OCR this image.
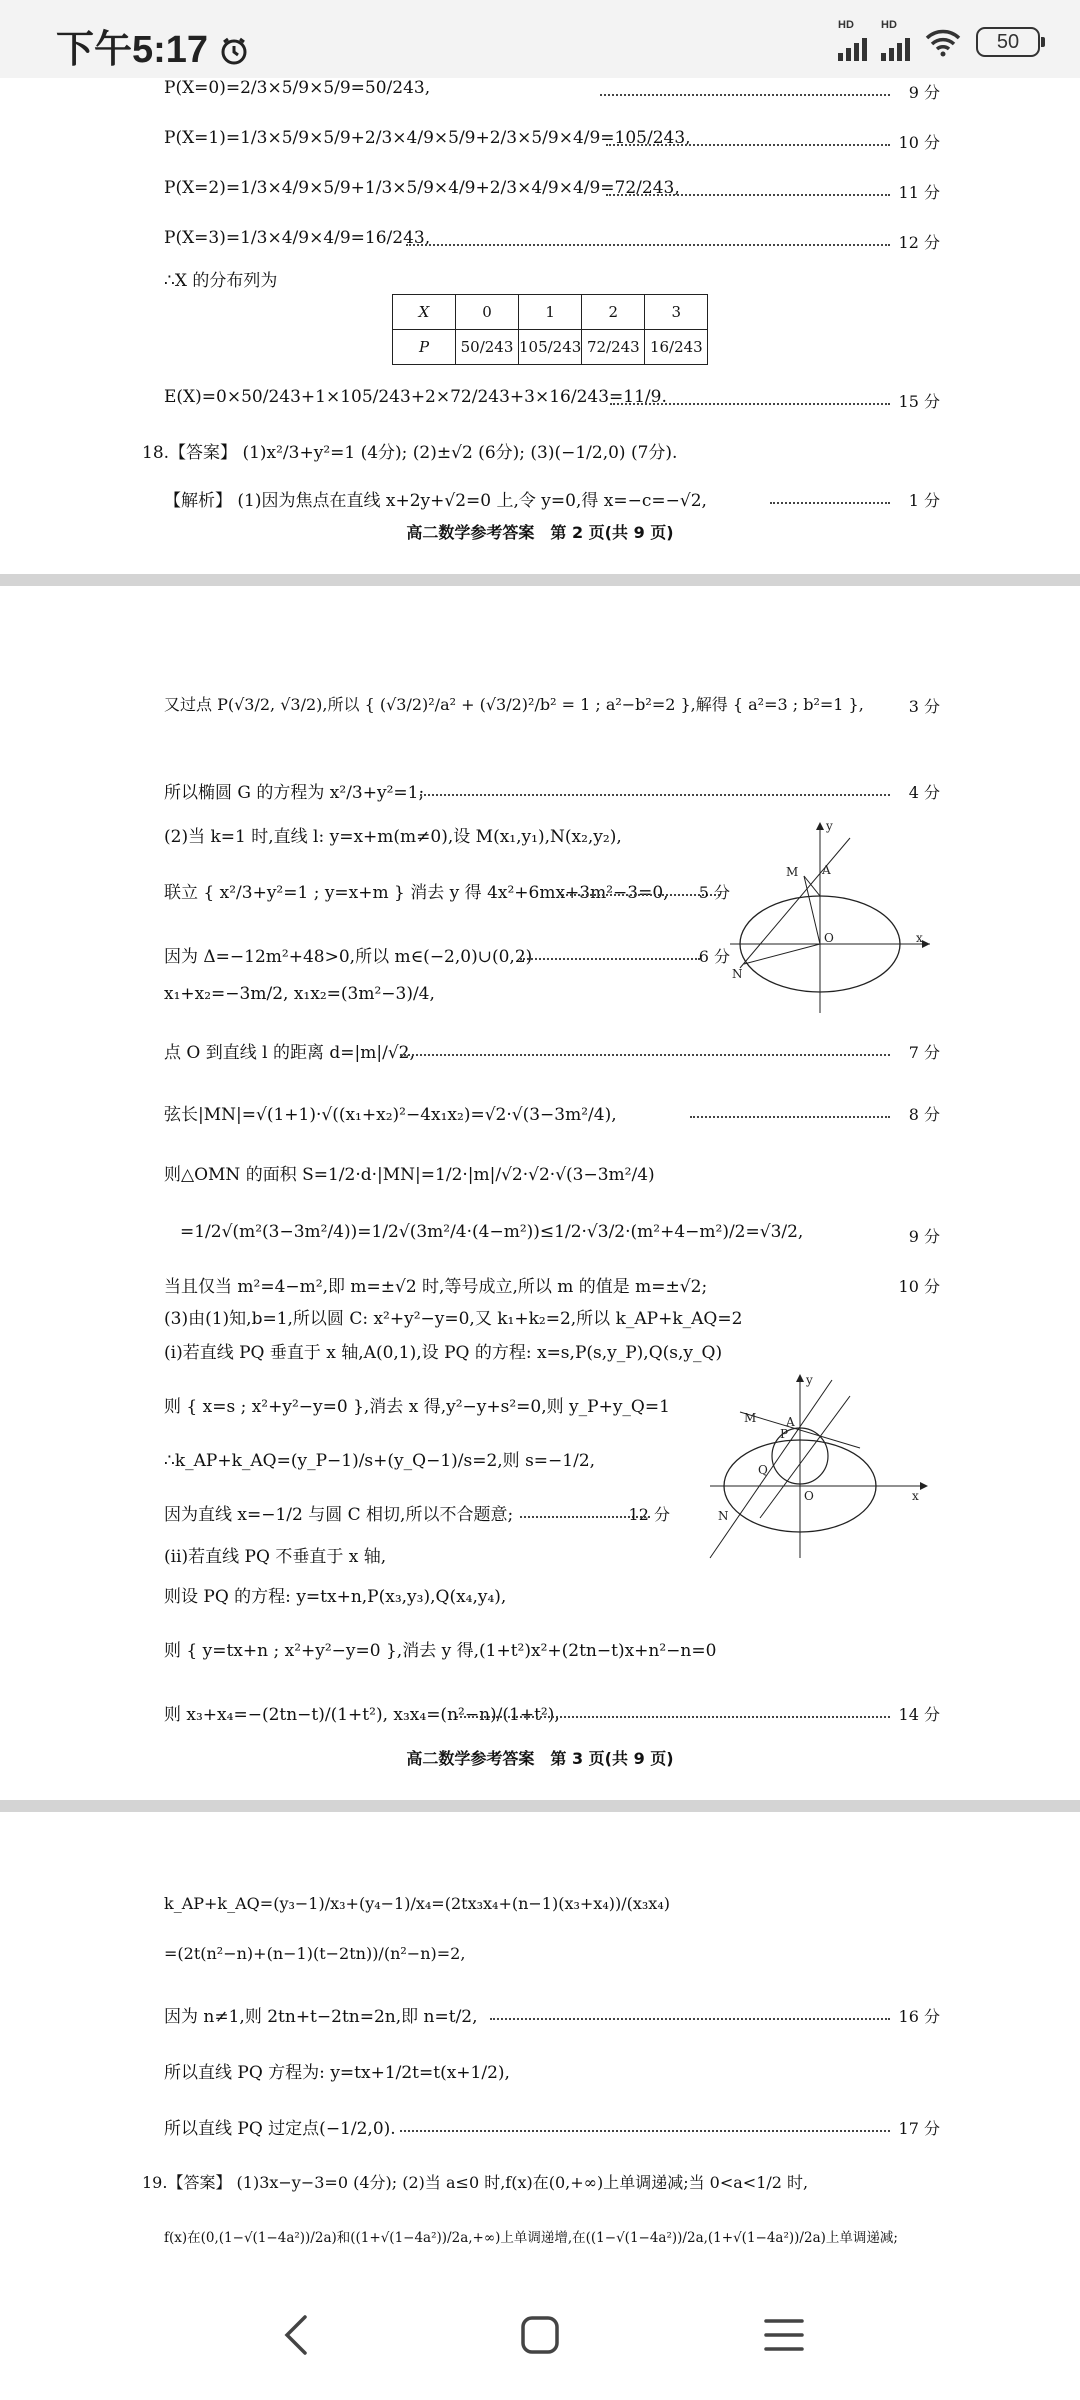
下午5:17
HD HD
50
P(X=0)=2/3×5/9×5/9=50/243,	9 分
P(X=1)=1/3×5/9×5/9+2/3×4/9×5/9+2/3×5/9×4/9=105/243,	10 分
P(X=2)=1/3×4/9×5/9+1/3×5/9×4/9+2/3×4/9×4/9=72/243,	11 分
P(X=3)=1/3×4/9×4/9=16/243,	12 分
∴X 的分布列为
X	0	1	2	3
P	50/243	105/243	72/243	16/243
E(X)=0×50/243+1×105/243+2×72/243+3×16/243=11/9.	15 分
18.【答案】 (1)x²/3+y²=1 (4分); (2)±√2 (6分); (3)(−1/2,0) (7分).
【解析】 (1)因为焦点在直线 x+2y+√2=0 上,令 y=0,得 x=−c=−√2,	1 分
高二数学参考答案　第 2 页(共 9 页)
又过点 P(√3/2, √3/2),所以 { (√3/2)²/a² + (√3/2)²/b² = 1 ; a²−b²=2 },解得 { a²=3 ; b²=1 },	3 分
所以椭圆 G 的方程为 x²/3+y²=1;	4 分
(2)当 k=1 时,直线 l: y=x+m(m≠0),设 M(x₁,y₁),N(x₂,y₂),
联立 { x²/3+y²=1 ; y=x+m } 消去 y 得 4x²+6mx+3m²−3=0, 5 分
因为 Δ=−12m²+48>0,所以 m∈(−2,0)∪(0,2)	6 分
x₁+x₂=−3m/2, x₁x₂=(3m²−3)/4,
M A
y
N
O	x
点 O 到直线 l 的距离 d=|m|/√2,	7 分
弦长|MN|=√(1+1)·√((x₁+x₂)²−4x₁x₂)=√2·√(3−3m²/4),	8 分
则△OMN 的面积 S=1/2·d·|MN|=1/2·|m|/√2·√2·√(3−3m²/4)
=1/2√(m²(3−3m²/4))=1/2√(3m²/4·(4−m²))≤1/2·√3/2·(m²+4−m²)/2=√3/2,	9 分
当且仅当 m²=4−m²,即 m=±√2 时,等号成立,所以 m 的值是 m=±√2;	10 分
(3)由(1)知,b=1,所以圆 C: x²+y²−y=0,又 k₁+k₂=2,所以 k_AP+k_AQ=2
(ⅰ)若直线 PQ 垂直于 x 轴,A(0,1),设 PQ 的方程: x=s,P(s,y_P),Q(s,y_Q)
则 { x=s ; x²+y²−y=0 },消去 x 得,y²−y+s²=0,则 y_P+y_Q=1
∴k_AP+k_AQ=(y_P−1)/s+(y_Q−1)/s=2,则 s=−1/2,
因为直线 x=−1/2 与圆 C 相切,所以不合题意;	12 分
M A
P
y
Q
N
O	x
(ⅱ)若直线 PQ 不垂直于 x 轴,
则设 PQ 的方程: y=tx+n,P(x₃,y₃),Q(x₄,y₄),
则 { y=tx+n ; x²+y²−y=0 },消去 y 得,(1+t²)x²+(2tn−t)x+n²−n=0
则 x₃+x₄=−(2tn−t)/(1+t²), x₃x₄=(n²−n)/(1+t²),	14 分
高二数学参考答案　第 3 页(共 9 页)
k_AP+k_AQ=(y₃−1)/x₃+(y₄−1)/x₄=(2tx₃x₄+(n−1)(x₃+x₄))/(x₃x₄)
=(2t(n²−n)+(n−1)(t−2tn))/(n²−n)=2,
因为 n≠1,则 2tn+t−2tn=2n,即 n=t/2,	16 分
所以直线 PQ 方程为: y=tx+1/2t=t(x+1/2),
所以直线 PQ 过定点(−1/2,0).	17 分
19.【答案】 (1)3x−y−3=0 (4分); (2)当 a≤0 时,f(x)在(0,+∞)上单调递减;当 0<a<1/2 时,
f(x)在(0,(1−√(1−4a²))/2a)和((1+√(1−4a²))/2a,+∞)上单调递增,在((1−√(1−4a²))/2a,(1+√(1−4a²))/2a)上单调递减;
